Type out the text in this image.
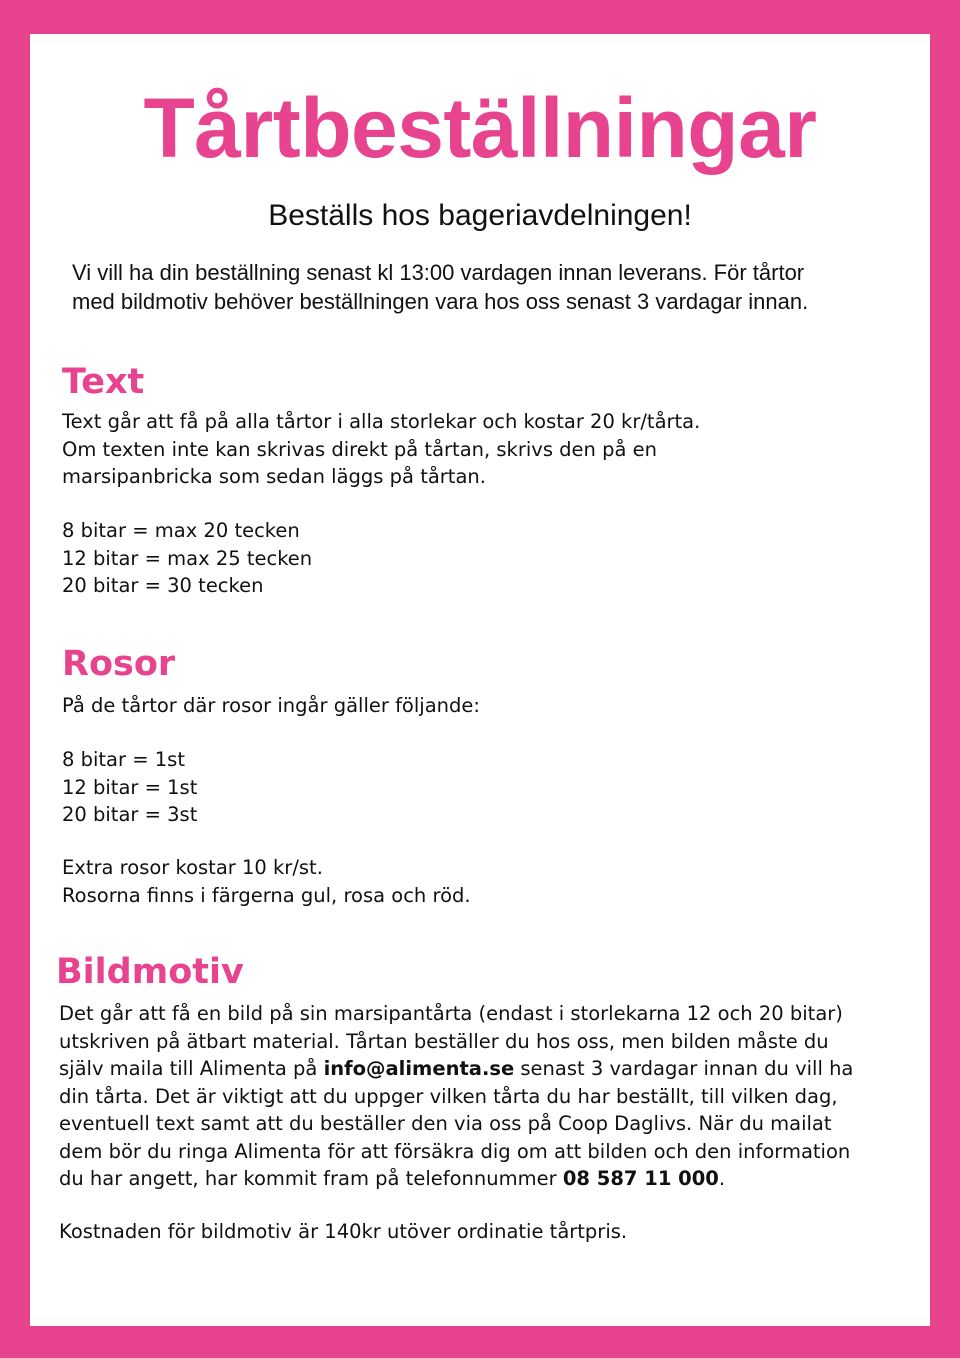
Tårtbeställningar
Beställs hos bageriavdelningen!
Vi vill ha din beställning senast kl 13:00 vardagen innan leverans. För tårtor
med bildmotiv behöver beställningen vara hos oss senast 3 vardagar innan.
Text
Text går att få på alla tårtor i alla storlekar och kostar 20 kr/tårta.
Om texten inte kan skrivas direkt på tårtan, skrivs den på en
marsipanbricka som sedan läggs på tårtan.
8 bitar = max 20 tecken
12 bitar = max 25 tecken
20 bitar = 30 tecken
Rosor
På de tårtor där rosor ingår gäller följande:
8 bitar = 1st
12 bitar = 1st
20 bitar = 3st
Extra rosor kostar 10 kr/st.
Rosorna finns i färgerna gul, rosa och röd.
Bildmotiv
Det går att få en bild på sin marsipantårta (endast i storlekarna 12 och 20 bitar)
utskriven på ätbart material. Tårtan beställer du hos oss, men bilden måste du
själv maila till Alimenta på info@alimenta.se senast 3 vardagar innan du vill ha
din tårta. Det är viktigt att du uppger vilken tårta du har beställt, till vilken dag,
eventuell text samt att du beställer den via oss på Coop Daglivs. När du mailat
dem bör du ringa Alimenta för att försäkra dig om att bilden och den information
du har angett, har kommit fram på telefonnummer 08 587 11 000.
Kostnaden för bildmotiv är 140kr utöver ordinatie tårtpris.
